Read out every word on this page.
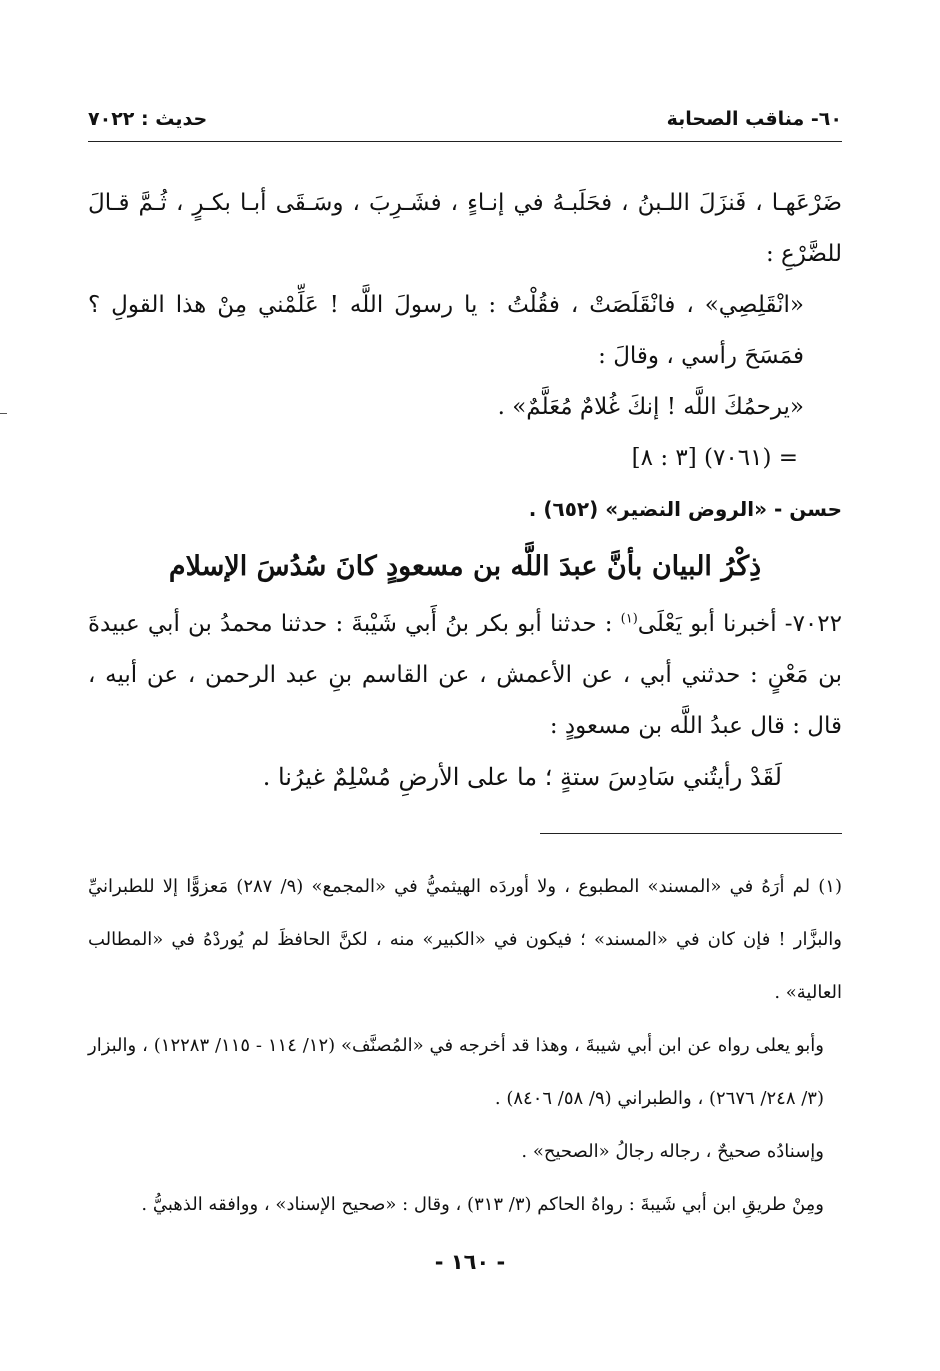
حديث : ٧٠٢٢	٦٠- مناقب الصحابة

ضَرْعَهـا ، فَنزَلَ اللـبنُ ، فحَلَبـهُ في إنـاءٍ ، فشَـرِبَ ، وسَـقَى أبـا بكـرٍ ، ثُـمَّ قـالَ للضَّرْعِ :

«انْقَلِصِي» ، فانْقَلَصَتْ ، فقُلْتُ : يا رسولَ اللَّه ! عَلِّمْني مِنْ هذا القولِ ؟ فمَسَحَ رأسي ، وقالَ :

«يرحمُكَ اللَّه ! إنكَ غُلامٌ مُعَلَّمٌ» .

= (٧٠٦١) [٣ : ٨]

حسن - «الروض النضير» (٦٥٢) .

ذِكْرُ البيان بأنَّ عبدَ اللَّه بن مسعودٍ كانَ سُدُسَ الإسلام

٧٠٢٢- أخبرنا أبو يَعْلَى$^{(١)}$ : حدثنا أبو بكر بنُ أَبي شَيْبةَ : حدثنا محمدُ بن أبي عبيدةَ بن مَعْنٍ : حدثني أبي ، عن الأعمش ، عن القاسم بنِ عبد الرحمن ، عن أبيه ، قال : قال عبدُ اللَّه بن مسعودٍ :

لَقَدْ رأيتُني سَادِسَ ستةٍ ؛ ما على الأرضِ مُسْلِمٌ غيرُنا .

(١) لم أرَهُ في «المسند» المطبوع ، ولا أوردَه الهيثميُّ في «المجمع» (٩/ ٢٨٧) مَعزوًّا إلا للطبرانيِّ والبزَّار ! فإن كان في «المسند» ؛ فيكون في «الكبير» منه ، لكنَّ الحافظَ لم يُوردْهُ في «المطالب العالية» .

وأبو يعلى رواه عن ابن أبي شيبةَ ، وهذا قد أخرجه في «المُصنَّف» (١٢/ ١١٤ - ١١٥/ ١٢٢٨٣) ، والبزار (٣/ ٢٤٨/ ٢٦٧٦) ، والطبراني (٩/ ٥٨/ ٨٤٠٦) .

وإسنادُه صحيحٌ ، رجاله رجالُ «الصحيح» .

ومِنْ طريقِ ابن أبي شَيبةَ : رواهُ الحاكم (٣/ ٣١٣) ، وقال : «صحيح الإسناد» ، ووافقه الذهبيُّ .

- ١٦٠ -
